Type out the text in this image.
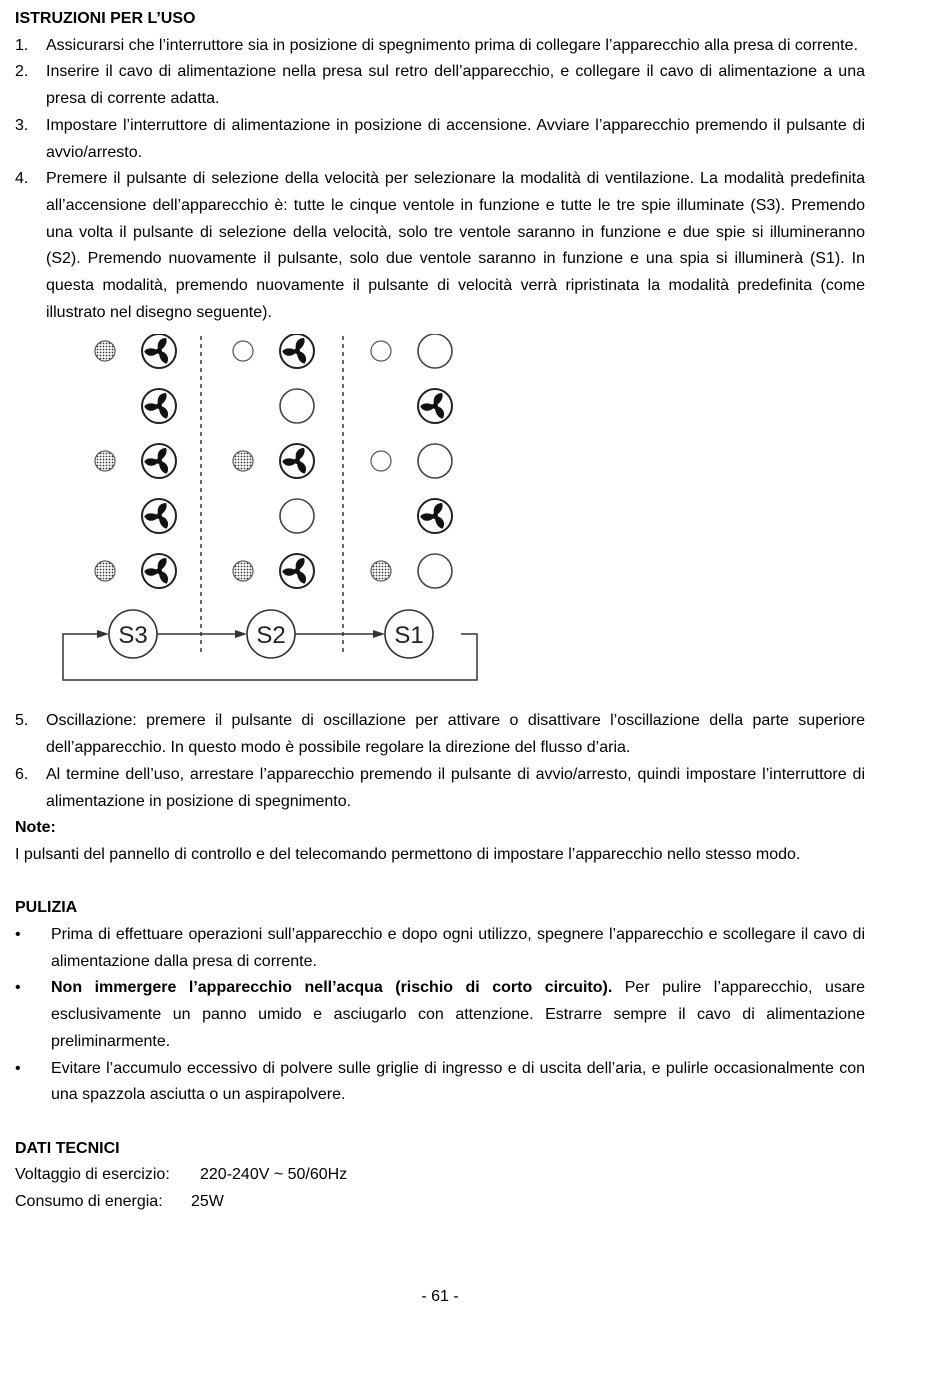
ISTRUZIONI PER L’USO

1. Assicurarsi che l’interruttore sia in posizione di spegnimento prima di collegare l’apparecchio alla presa di corrente.
2. Inserire il cavo di alimentazione nella presa sul retro dell’apparecchio, e collegare il cavo di alimentazione a una presa di corrente adatta.
3. Impostare l’interruttore di alimentazione in posizione di accensione. Avviare l’apparecchio premendo il pulsante di avvio/arresto.
4. Premere il pulsante di selezione della velocità per selezionare la modalità di ventilazione. La modalità predefinita all’accensione dell’apparecchio è: tutte le cinque ventole in funzione e tutte le tre spie illuminate (S3). Premendo una volta il pulsante di selezione della velocità, solo tre ventole saranno in funzione e due spie si illumineranno (S2). Premendo nuovamente il pulsante, solo due ventole saranno in funzione e una spia si illuminerà (S1). In questa modalità, premendo nuovamente il pulsante di velocità verrà ripristinata la modalità predefinita (come illustrato nel disegno seguente).
S3	S2	S1
5. Oscillazione: premere il pulsante di oscillazione per attivare o disattivare l’oscillazione della parte superiore dell’apparecchio. In questo modo è possibile regolare la direzione del flusso d’aria.
6. Al termine dell’uso, arrestare l’apparecchio premendo il pulsante di avvio/arresto, quindi impostare l’interruttore di alimentazione in posizione di spegnimento.

Note:

I pulsanti del pannello di controllo e del telecomando permettono di impostare l’apparecchio nello stesso modo.

PULIZIA

• Prima di effettuare operazioni sull’apparecchio e dopo ogni utilizzo, spegnere l’apparecchio e scollegare il cavo di alimentazione dalla presa di corrente.
• Non immergere l’apparecchio nell’acqua (rischio di corto circuito). Per pulire l’apparecchio, usare esclusivamente un panno umido e asciugarlo con attenzione. Estrarre sempre il cavo di alimentazione preliminarmente.
• Evitare l’accumulo eccessivo di polvere sulle griglie di ingresso e di uscita dell’aria, e pulirle occasionalmente con una spazzola asciutta o un aspirapolvere.

DATI TECNICI

Voltaggio di esercizio: 220-240V ~ 50/60Hz
Consumo di energia: 25W
- 61 -
